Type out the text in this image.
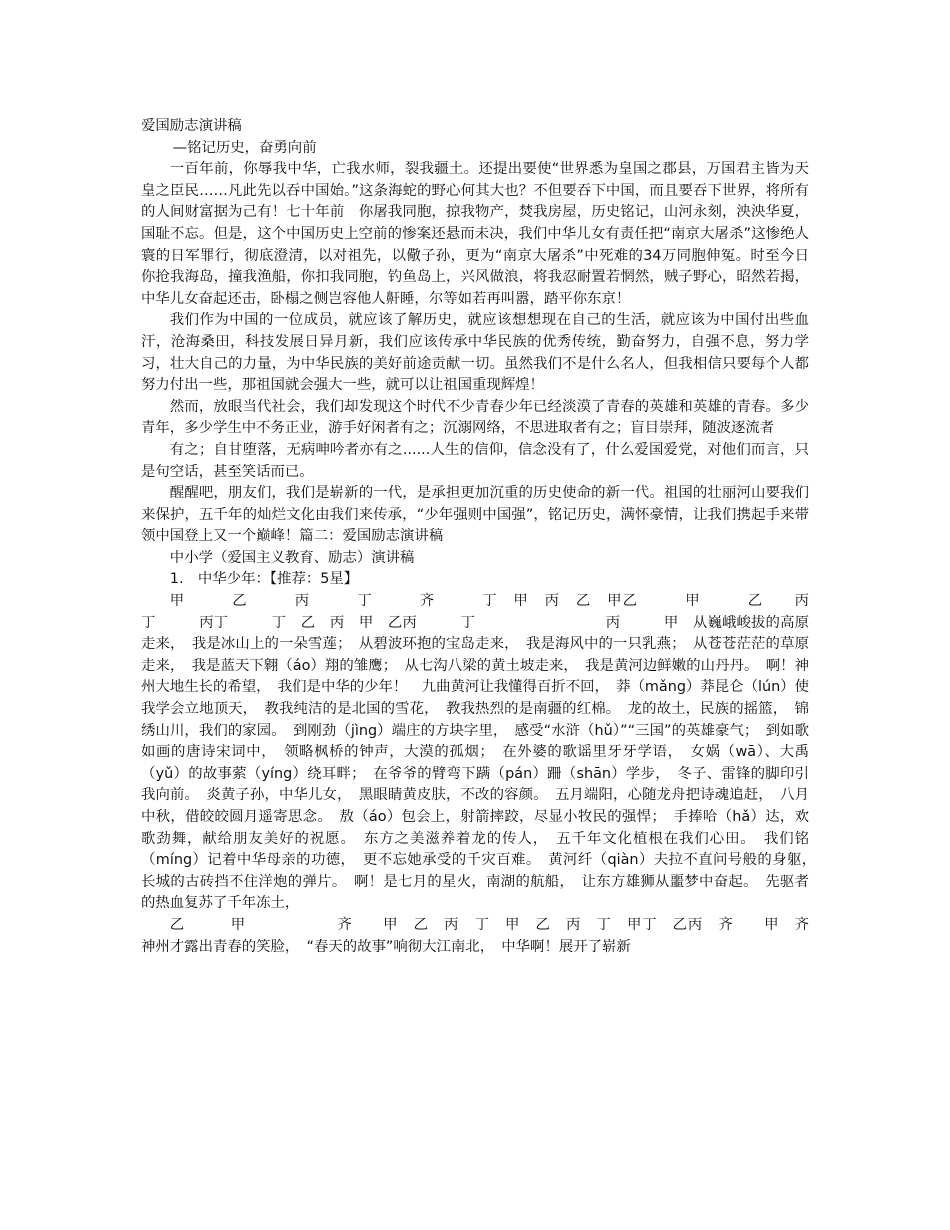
爱国励志演讲稿

—铭记历史，奋勇向前

一百年前，你辱我中华，亡我水师，裂我疆土。还提出要使“世界悉为皇国之郡县，万国君主皆为天皇之臣民……凡此先以吞中国始。”这条海蛇的野心何其大也？不但要吞下中国，而且要吞下世界，将所有的人间财富据为己有！七十年前　你屠我同胞，掠我物产，焚我房屋，历史铭记，山河永刻，泱泱华夏，国耻不忘。但是，这个中国历史上空前的惨案还悬而未决，我们中华儿女有责任把“南京大屠杀”这惨绝人寰的日军罪行，彻底澄清，以对祖先，以儆子孙，更为“南京大屠杀”中死难的34万同胞伸冤。时至今日　你抢我海岛，撞我渔船，你扣我同胞，钓鱼岛上，兴风做浪，将我忍耐置若惘然，贼子野心，昭然若揭，中华儿女奋起还击，卧榻之侧岂容他人鼾睡，尔等如若再叫嚣，踏平你东京！

我们作为中国的一位成员，就应该了解历史，就应该想想现在自己的生活，就应该为中国付出些血汗，沧海桑田，科技发展日异月新，我们应该传承中华民族的优秀传统，勤奋努力，自强不息，努力学习，壮大自己的力量，为中华民族的美好前途贡献一切。虽然我们不是什么名人，但我相信只要每个人都努力付出一些，那祖国就会强大一些，就可以让祖国重现辉煌！

然而，放眼当代社会，我们却发现这个时代不少青春少年已经淡漠了青春的英雄和英雄的青春。多少青年，多少学生中不务正业，游手好闲者有之；沉溺网络，不思进取者有之；盲目崇拜，随波逐流者

有之；自甘堕落，无病呻吟者亦有之......人生的信仰，信念没有了，什么爱国爱党，对他们而言，只是句空话，甚至笑话而已。

醒醒吧，朋友们，我们是崭新的一代，是承担更加沉重的历史使命的新一代。祖国的壮丽河山要我们来保护，五千年的灿烂文化由我们来传承，“少年强则中国强”，铭记历史，满怀豪情，让我们携起手来带领中国登上又一个巅峰！篇二：爱国励志演讲稿

中小学（爱国主义教育、励志）演讲稿

1.　中华少年：【推荐：5星】

甲　　　乙　　　丙　　　丁　　　齐　　　丁　甲　丙　乙　甲乙　　　甲　　　乙　　丙　　　丁　　　丙丁　　　丁　乙　丙　甲　乙丙　　　丁　　　　　　　　　丙　　　甲　从巍峨峻拔的高原走来，　我是冰山上的一朵雪莲；　从碧波环抱的宝岛走来，　我是海风中的一只乳燕；　从苍苍茫茫的草原走来，　我是蓝天下翱（áo）翔的雏鹰；　从七沟八梁的黄土坡走来，　我是黄河边鲜嫩的山丹丹。　啊！神州大地生长的希望，　我们是中华的少年！　九曲黄河让我懂得百折不回，　莽（mǎng）莽昆仑（lún）使我学会立地顶天，　教我纯洁的是北国的雪花，　教我热烈的是南疆的红棉。　龙的故土，民族的摇篮，　锦绣山川，我们的家园。　到刚劲（jìng）端庄的方块字里，　感受“水浒（hǔ）”“三国”的英雄豪气；　到如歌如画的唐诗宋词中，　领略枫桥的钟声，大漠的孤烟；　在外婆的歌谣里牙牙学语，　女娲（wā）、大禹（yǔ）的故事萦（yíng）绕耳畔；　在爷爷的臂弯下蹒（pán）跚（shān）学步，　冬子、雷锋的脚印引我向前。　炎黄子孙，中华儿女，　黑眼睛黄皮肤，不改的容颜。　五月端阳，心随龙舟把诗魂追赶，　八月中秋，借皎皎圆月遥寄思念。　敖（áo）包会上，射箭摔跤，尽显小牧民的强悍；　手捧哈（hǎ）达，欢歌劲舞，献给朋友美好的祝愿。　东方之美滋养着龙的传人，　五千年文化植根在我们心田。　我们铭（míng）记着中华母亲的功德，　更不忘她承受的千灾百难。　黄河纤（qiàn）夫拉不直问号般的身躯，　长城的古砖挡不住洋炮的弹片。　啊！是七月的星火，南湖的航船，　让东方雄狮从噩梦中奋起。　先驱者的热血复苏了千年冻土，

乙　　　甲　　　　　　齐　　甲　乙　丙　丁　甲　乙　丙　丁　甲丁　乙丙　齐　　甲　齐　　　神州才露出青春的笑脸，　“春天的故事”响彻大江南北，　中华啊！展开了崭新
